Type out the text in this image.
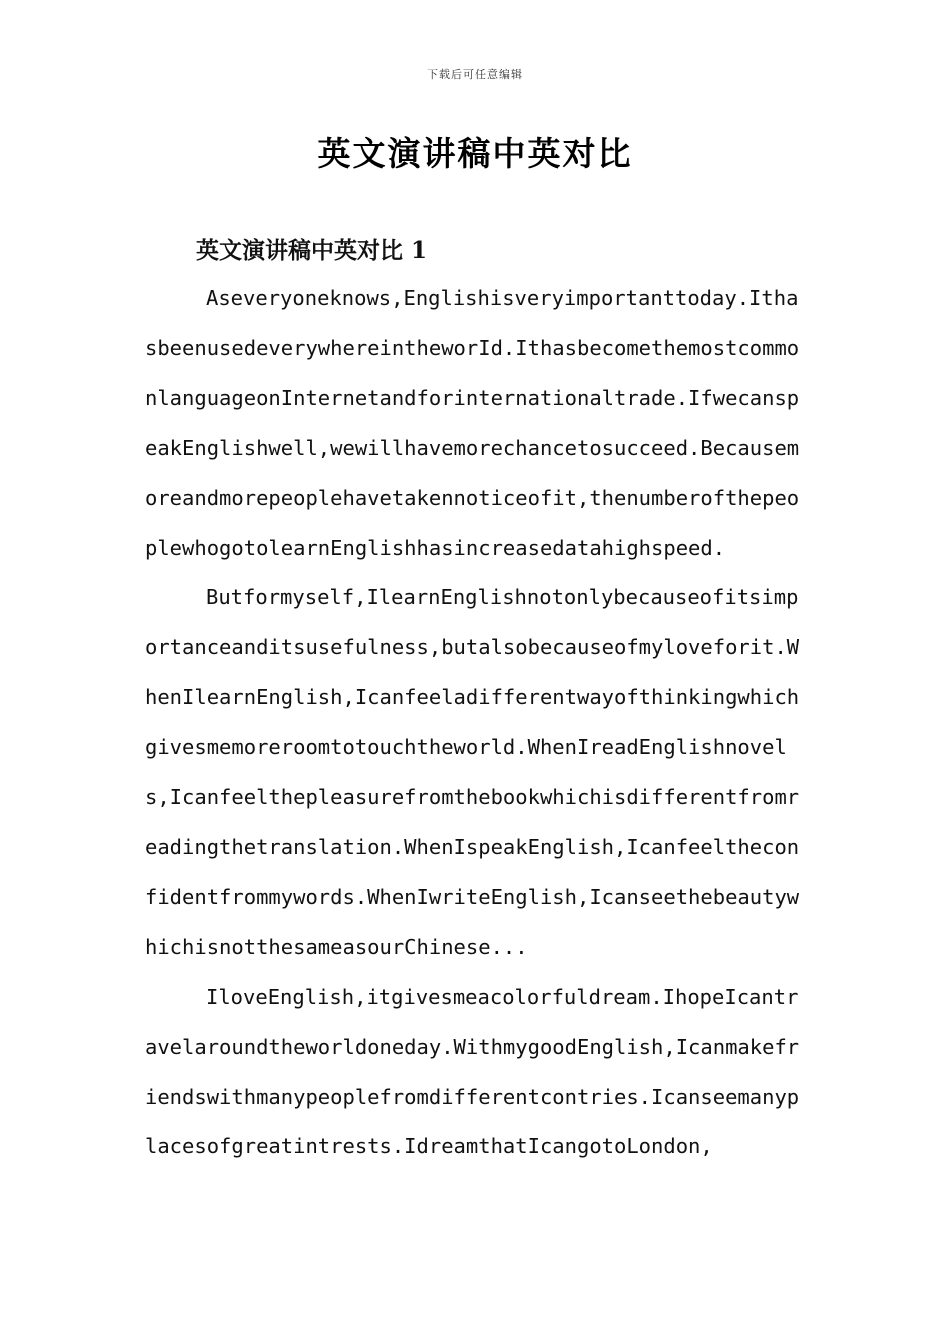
下载后可任意编辑
英文演讲稿中英对比
英文演讲稿中英对比 1

Aseveryoneknows,Englishisveryimportanttoday.IthasbeenusedeverywhereintheworId.IthasbecomethemostcommonlanguageonInternetandforinternationaltrade.IfwecanspeakEnglishwell,wewillhavemorechancetosucceed.Becausemoreandmorepeoplehavetakennoticeofit,thenumberofthepeoplewhogotolearnEnglishhasincreasedatahighspeed.

Butformyself,IlearnEnglishnotonlybecauseofitsimportanceanditsusefulness,butalsobecauseofmyloveforit.WhenIlearnEnglish,Icanfeeladifferentwayofthinkingwhichgivesmemoreroomtotouchtheworld.WhenIreadEnglishnovels,Icanfeelthepleasurefromthebookwhichisdifferentfromreadingthetranslation.WhenIspeakEnglish,Icanfeeltheconfidentfrommywords.WhenIwriteEnglish,IcanseethebeautywhichisnotthesameasourChinese...

IloveEnglish,itgivesmeacolorfuldream.IhopeIcantravelaroundtheworldoneday.WithmygoodEnglish,Icanmakefriendswithmanypeoplefromdifferentcontries.Icanseemanyplacesofgreatintrests.IdreamthatIcangotoLondon,
